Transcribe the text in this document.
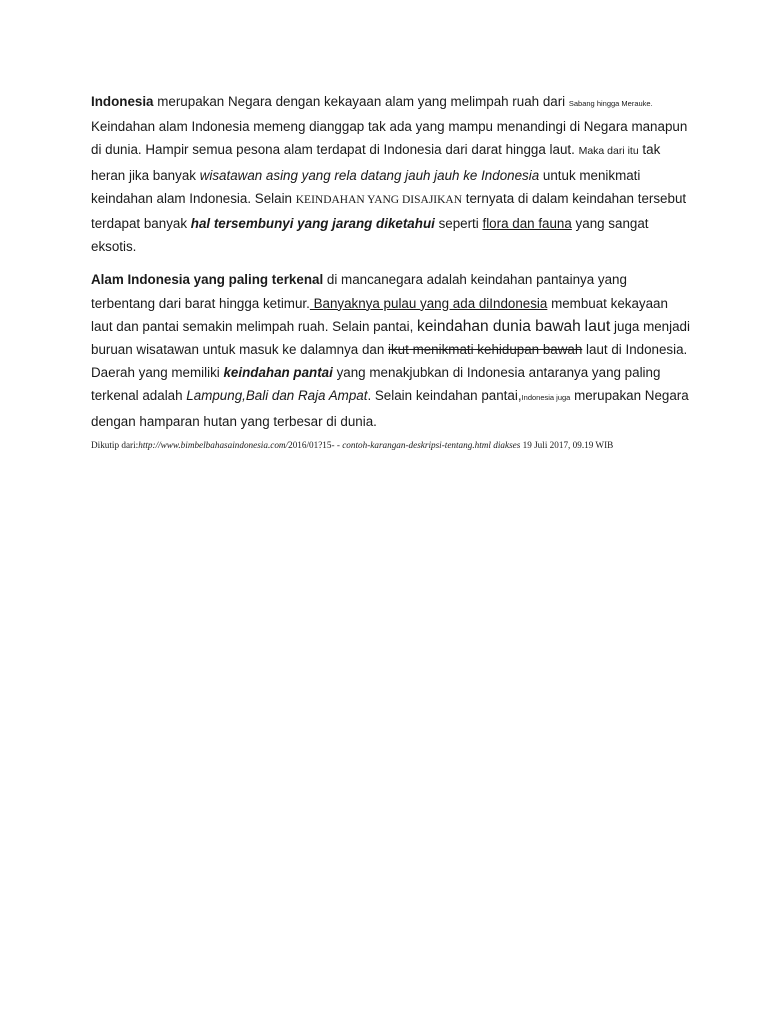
Indonesia merupakan Negara dengan kekayaan alam yang melimpah ruah dari Sabang hingga Merauke. Keindahan alam Indonesia memeng dianggap tak ada yang mampu menandingi di Negara manapun di dunia. Hampir semua pesona alam terdapat di Indonesia dari darat hingga laut. Maka dari itu tak heran jika banyak wisatawan asing yang rela datang jauh jauh ke Indonesia untuk menikmati keindahan alam Indonesia. Selain KEINDAHAN YANG DISAJIKAN ternyata di dalam keindahan tersebut terdapat banyak hal tersembunyi yang jarang diketahui seperti flora dan fauna yang sangat eksotis.

Alam Indonesia yang paling terkenal di mancanegara adalah keindahan pantainya yang terbentang dari barat hingga ketimur. Banyaknya pulau yang ada diIndonesia membuat kekayaan laut dan pantai semakin melimpah ruah. Selain pantai, keindahan dunia bawah laut juga menjadi buruan wisatawan untuk masuk ke dalamnya dan ikut menikmati kehidupan bawah laut di Indonesia. Daerah yang memiliki keindahan pantai yang menakjubkan di Indonesia antaranya yang paling terkenal adalah Lampung,Bali dan Raja Ampat. Selain keindahan pantai,Indonesia juga merupakan Negara dengan hamparan hutan yang terbesar di dunia.

Dikutip dari:http://www.bimbelbahasaindonesia.com/2016/01?15- - contoh-karangan-deskripsi-tentang.html diakses 19 Juli 2017, 09.19 WIB
